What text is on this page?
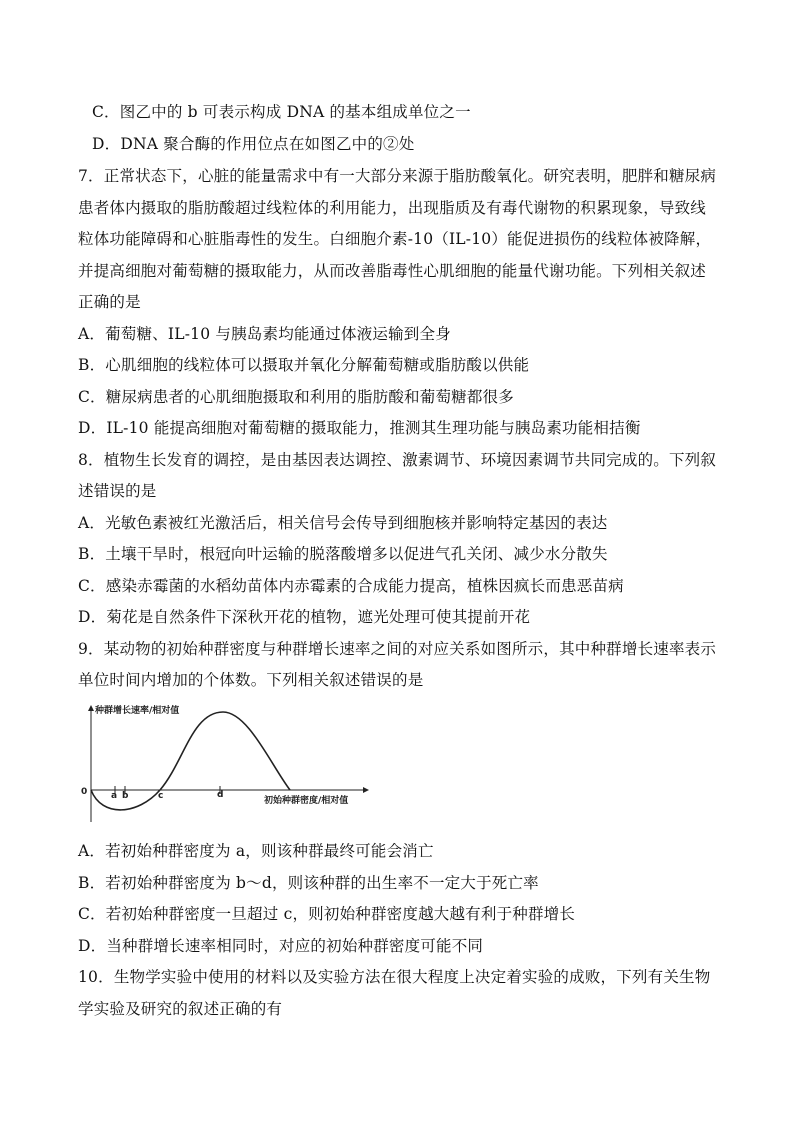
C．图乙中的 b 可表示构成 DNA 的基本组成单位之一
D．DNA 聚合酶的作用位点在如图乙中的②处
7．正常状态下，心脏的能量需求中有一大部分来源于脂肪酸氧化。研究表明，肥胖和糖尿病
患者体内摄取的脂肪酸超过线粒体的利用能力，出现脂质及有毒代谢物的积累现象，导致线
粒体功能障碍和心脏脂毒性的发生。白细胞介素-10（IL-10）能促进损伤的线粒体被降解，
并提高细胞对葡萄糖的摄取能力，从而改善脂毒性心肌细胞的能量代谢功能。下列相关叙述
正确的是
A．葡萄糖、IL-10 与胰岛素均能通过体液运输到全身
B．心肌细胞的线粒体可以摄取并氧化分解葡萄糖或脂肪酸以供能
C．糖尿病患者的心肌细胞摄取和利用的脂肪酸和葡萄糖都很多
D．IL-10 能提高细胞对葡萄糖的摄取能力，推测其生理功能与胰岛素功能相拮衡
8．植物生长发育的调控，是由基因表达调控、激素调节、环境因素调节共同完成的。下列叙
述错误的是
A．光敏色素被红光激活后，相关信号会传导到细胞核并影响特定基因的表达
B．土壤干旱时，根冠向叶运输的脱落酸增多以促进气孔关闭、减少水分散失
C．感染赤霉菌的水稻幼苗体内赤霉素的合成能力提高，植株因疯长而患恶苗病
D．菊花是自然条件下深秋开花的植物，遮光处理可使其提前开花
9．某动物的初始种群密度与种群增长速率之间的对应关系如图所示，其中种群增长速率表示
单位时间内增加的个体数。下列相关叙述错误的是
种群增长速率/相对值
0	a b	c	d
初始种群密度/相对值
A．若初始种群密度为 a，则该种群最终可能会消亡
B．若初始种群密度为 b～d，则该种群的出生率不一定大于死亡率
C．若初始种群密度一旦超过 c，则初始种群密度越大越有利于种群增长
D．当种群增长速率相同时，对应的初始种群密度可能不同
10．生物学实验中使用的材料以及实验方法在很大程度上决定着实验的成败，下列有关生物
学实验及研究的叙述正确的有
